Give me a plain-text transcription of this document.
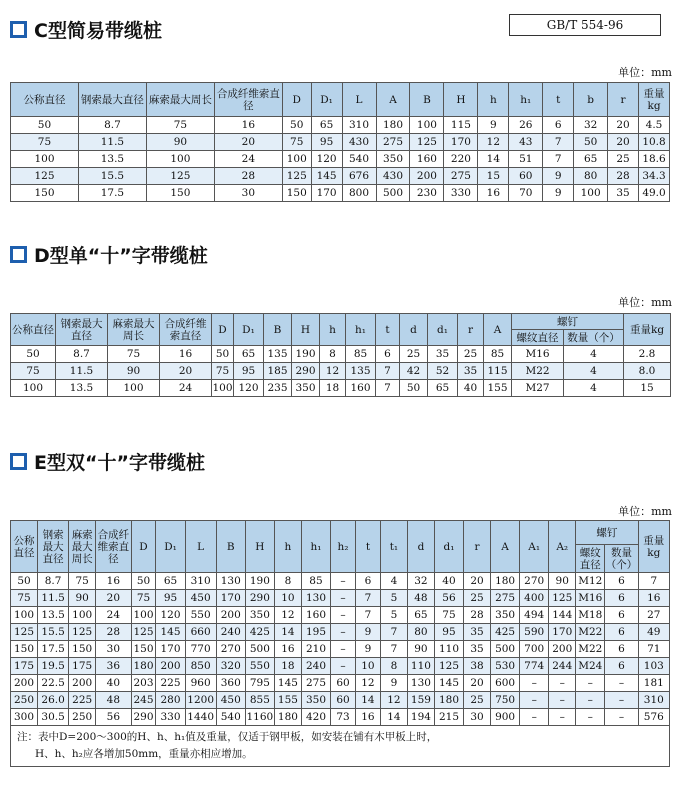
C型简易带缆桩	GB/T 554-96
单位：mm
公称直径	钢索最大直径	麻索最大周长	合成纤维索直径	D	D₁	L	A	B	H	h	h₁	t	b	r	重量kg
50	8.7	75	16	50	65	310	180	100	115	9	26	6	32	20	4.5
75	11.5	90	20	75	95	430	275	125	170	12	43	7	50	20	10.8
100	13.5	100	24	100	120	540	350	160	220	14	51	7	65	25	18.6
125	15.5	125	28	125	145	676	430	200	275	15	60	9	80	28	34.3
150	17.5	150	30	150	170	800	500	230	330	16	70	9	100	35	49.0
D型单“十”字带缆桩
单位：mm
公称直径	钢索最大直径	麻索最大周长	合成纤维索直径	D	D₁	B	H	h	h₁	t	d	d₁	r	A	螺钉		重量kg
															螺纹直径	数量（个）	
50	8.7	75	16	50	65	135	190	8	85	6	25	35	25	85	M16	4	2.8
75	11.5	90	20	75	95	185	290	12	135	7	42	52	35	115	M22	4	8.0
100	13.5	100	24	100	120	235	350	18	160	7	50	65	40	155	M27	4	15
E型双“十”字带缆桩
单位：mm
公称直径	钢索最大直径	麻索最大周长	合成纤维索直径	D	D₁	L	B	H	h	h₁	h₂	t	t₁	d	d₁	r	A	A₁	A₂	螺钉		重量kg
																				螺纹直径	数量（个）	
50	8.7	75	16	50	65	310	130	190	8	85	–	6	4	32	40	20	180	270	90	M12	6	7
75	11.5	90	20	75	95	450	170	290	10	130	–	7	5	48	56	25	275	400	125	M16	6	16
100	13.5	100	24	100	120	550	200	350	12	160	–	7	5	65	75	28	350	494	144	M18	6	27
125	15.5	125	28	125	145	660	240	425	14	195	–	9	7	80	95	35	425	590	170	M22	6	49
150	17.5	150	30	150	170	770	270	500	16	210	–	9	7	90	110	35	500	700	200	M22	6	71
175	19.5	175	36	180	200	850	320	550	18	240	–	10	8	110	125	38	530	774	244	M24	6	103
200	22.5	200	40	203	225	960	360	795	145	275	60	12	9	130	145	20	600	–	–	–	–	181
250	26.0	225	48	245	280	1200	450	855	155	350	60	14	12	159	180	25	750	–	–	–	–	310
300	30.5	250	56	290	330	1440	540	1160	180	420	73	16	14	194	215	30	900	–	–	–	–	576

注：表中D=200～300的H、h、h₁值及重量，仅适于钢甲板，如安装在铺有木甲板上时，
H、h、h₂应各增加50mm，重量亦相应增加。																						
